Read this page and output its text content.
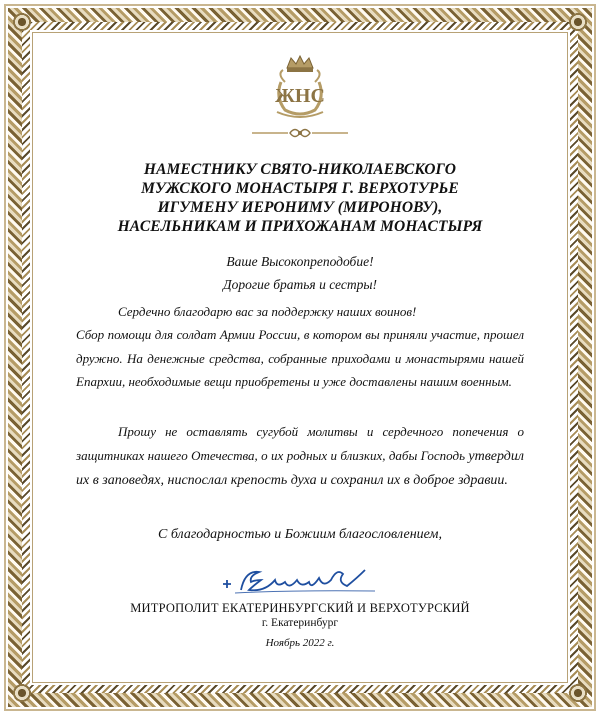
ЖНС
НАМЕСТНИКУ СВЯТО-НИКОЛАЕВСКОГО
МУЖСКОГО МОНАСТЫРЯ Г. ВЕРХОТУРЬЕ
ИГУМЕНУ ИЕРОНИМУ (МИРОНОВУ),
НАСЕЛЬНИКАМ И ПРИХОЖАНАМ МОНАСТЫРЯ
Ваше Высокопреподобие!
Дорогие братья и сестры!
Сердечно благодарю вас за поддержку наших воинов!
Сбор помощи для солдат Армии России, в котором вы приняли участие, прошел дружно. На денежные средства, собранные приходами и монастырями нашей Епархии, необходимые вещи приобретены и уже доставлены нашим военным.
Прошу не оставлять сугубой молитвы и сердечного попечения о защитниках нашего Отечества, о их родных и близких, дабы Господь утвердил их в заповедях, ниспослал крепость духа и сохранил их в доброе здравии.
С благодарностью и Божиим благословлением,
МИТРОПОЛИТ ЕКАТЕРИНБУРГСКИЙ И ВЕРХОТУРСКИЙ
г. Екатеринбург
Ноябрь 2022 г.
